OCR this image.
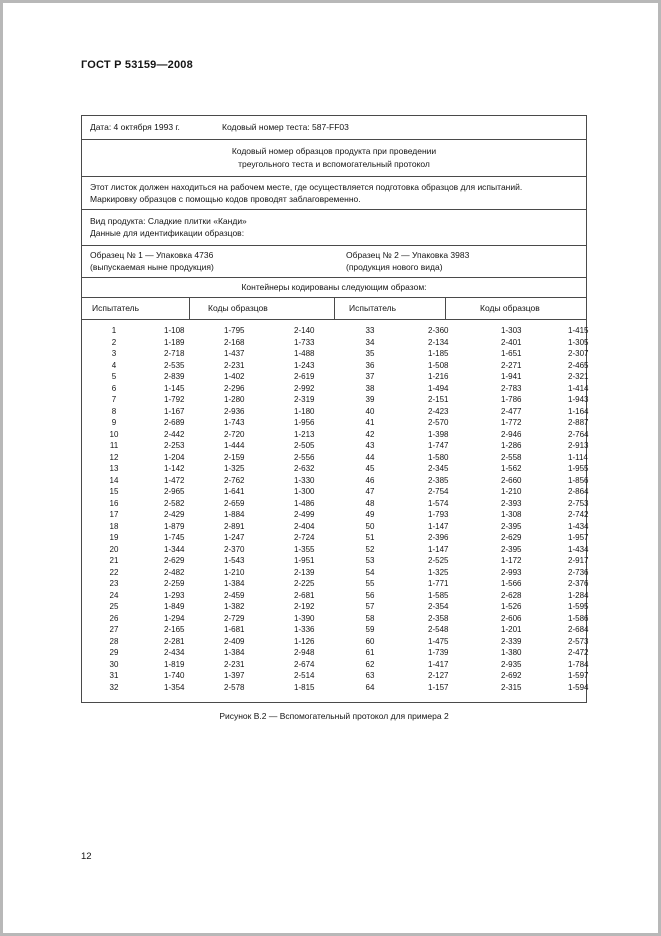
ГОСТ Р 53159—2008
Дата: 4 октября 1993 г.	Кодовый номер теста: 587-FF03
Кодовый номер образцов продукта при проведении
треугольного теста и вспомогательный протокол
Этот листок должен находиться на рабочем месте, где осуществляется подготовка образцов для испытаний.
Маркировку образцов с помощью кодов проводят заблаговременно.
Вид продукта: Сладкие плитки «Канди»
Данные для идентификации образцов:
Образец № 1 — Упаковка 4736
(выпускаемая ныне продукция)
Образец № 2 — Упаковка 3983
(продукция нового вида)
Контейнеры кодированы следующим образом:
Испытатель	Коды образцов	Испытатель	Коды образцов
1	1-108	1-795	2-140
2	1-189	2-168	1-733
3	2-718	1-437	1-488
4	2-535	2-231	1-243
5	2-839	1-402	2-619
6	1-145	2-296	2-992
7	1-792	1-280	2-319
8	1-167	2-936	1-180
9	2-689	1-743	1-956
10	2-442	2-720	1-213
11	2-253	1-444	2-505
12	1-204	2-159	2-556
13	1-142	1-325	2-632
14	1-472	2-762	1-330
15	2-965	1-641	1-300
16	2-582	2-659	1-486
17	2-429	1-884	2-499
18	1-879	2-891	2-404
19	1-745	1-247	2-724
20	1-344	2-370	1-355
21	2-629	1-543	1-951
22	2-482	1-210	2-139
23	2-259	1-384	2-225
24	1-293	2-459	2-681
25	1-849	1-382	2-192
26	1-294	2-729	1-390
27	2-165	1-681	1-336
28	2-281	2-409	1-126
29	2-434	1-384	2-948
30	1-819	2-231	2-674
31	1-740	1-397	2-514
32	1-354	2-578	1-815
33	2-360	1-303	1-415
34	2-134	2-401	1-305
35	1-185	1-651	2-307
36	1-508	2-271	2-465
37	1-216	1-941	2-321
38	1-494	2-783	1-414
39	2-151	1-786	1-943
40	2-423	2-477	1-164
41	2-570	1-772	2-887
42	1-398	2-946	2-764
43	1-747	1-286	2-913
44	1-580	2-558	1-114
45	2-345	1-562	1-955
46	2-385	2-660	1-856
47	2-754	1-210	2-864
48	1-574	2-393	2-753
49	1-793	1-308	2-742
50	1-147	2-395	1-434
51	2-396	2-629	1-957
52	1-147	2-395	1-434
53	2-525	1-172	2-917
54	1-325	2-993	2-736
55	1-771	1-566	2-376
56	1-585	2-628	1-284
57	2-354	1-526	1-595
58	2-358	2-606	1-586
59	2-548	1-201	2-684
60	1-475	2-339	2-573
61	1-739	1-380	2-472
62	1-417	2-935	1-784
63	2-127	2-692	1-597
64	1-157	2-315	1-594
Рисунок В.2 — Вспомогательный протокол для примера 2
12
